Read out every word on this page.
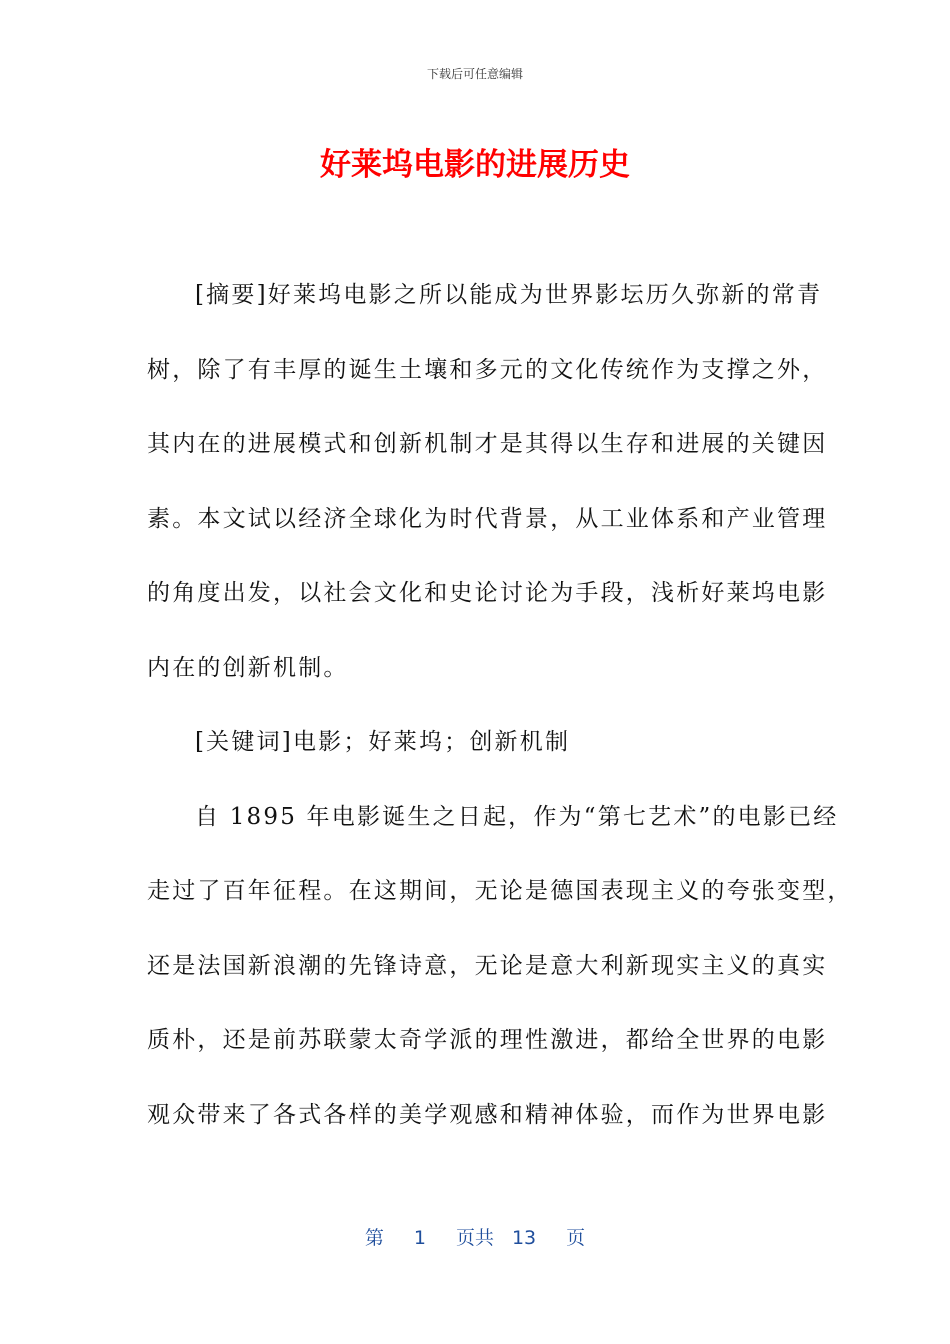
下载后可任意编辑
好莱坞电影的进展历史
[摘要]好莱坞电影之所以能成为世界影坛历久弥新的常青
树，除了有丰厚的诞生土壤和多元的文化传统作为支撑之外，
其内在的进展模式和创新机制才是其得以生存和进展的关键因
素。本文试以经济全球化为时代背景，从工业体系和产业管理
的角度出发，以社会文化和史论讨论为手段，浅析好莱坞电影
内在的创新机制。
[关键词]电影；好莱坞；创新机制
自 1895 年电影诞生之日起，作为“第七艺术”的电影已经
走过了百年征程。在这期间，无论是德国表现主义的夸张变型，
还是法国新浪潮的先锋诗意，无论是意大利新现实主义的真实
质朴，还是前苏联蒙太奇学派的理性激进，都给全世界的电影
观众带来了各式各样的美学观感和精神体验，而作为世界电影
第 1 页共 13 页
